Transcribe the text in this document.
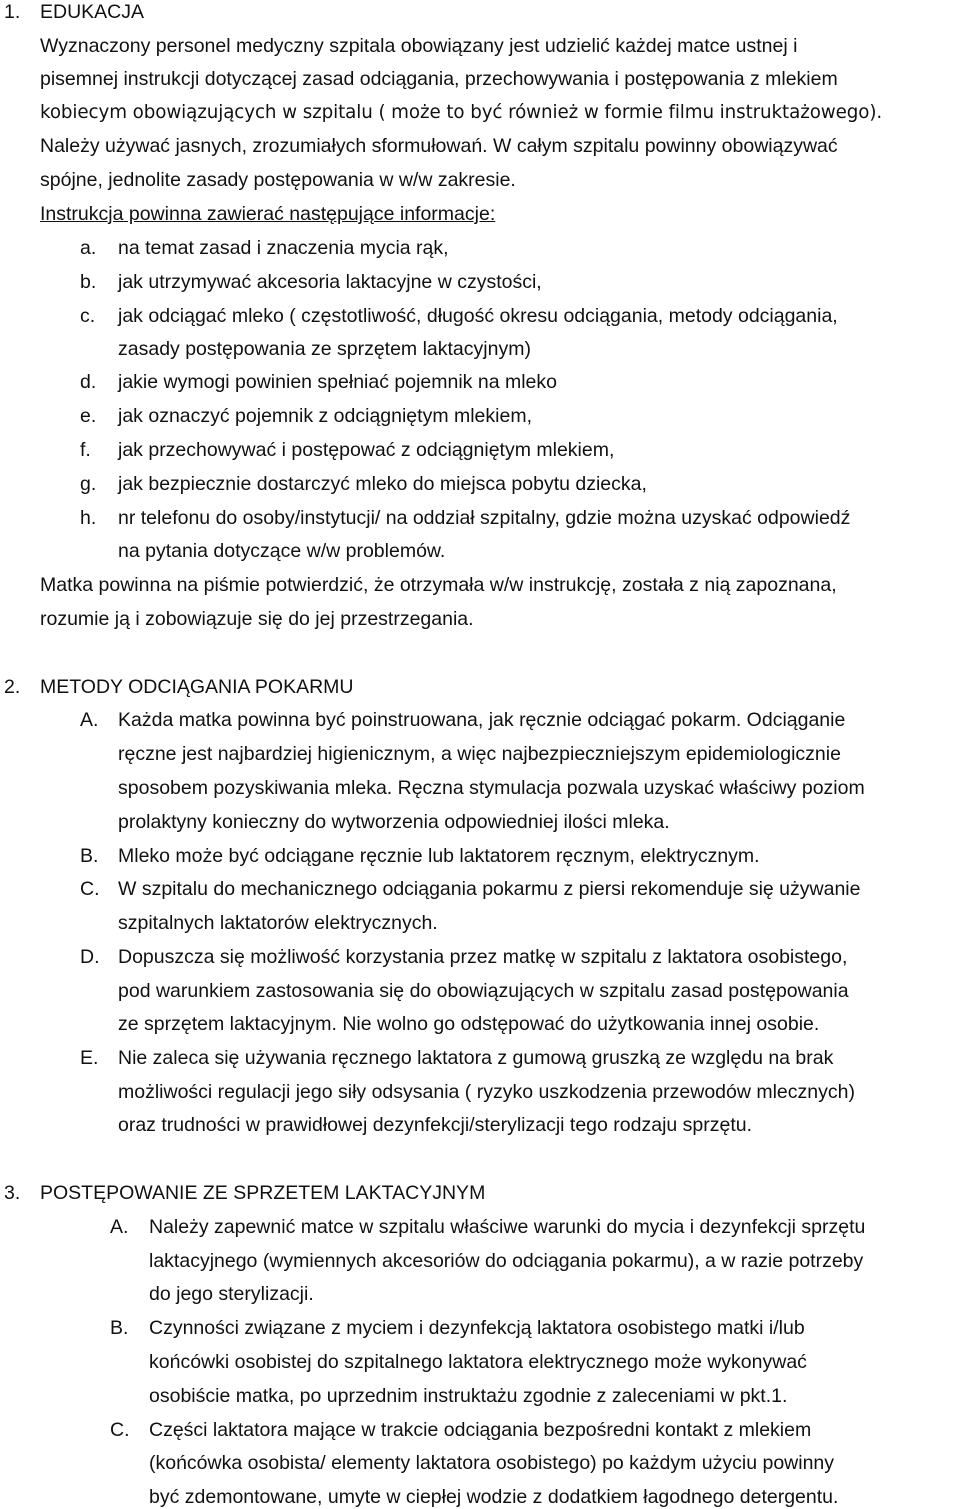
1. EDUKACJA
Wyznaczony personel medyczny szpitala obowiązany jest udzielić każdej matce ustnej i
pisemnej instrukcji dotyczącej zasad odciągania, przechowywania i postępowania z mlekiem
kobiecym obowiązujących w szpitalu ( może to być również w formie filmu instruktażowego).
Należy używać jasnych, zrozumiałych sformułowań. W całym szpitalu powinny obowiązywać
spójne, jednolite zasady postępowania w w/w zakresie.
Instrukcja powinna zawierać następujące informacje:
a. na temat zasad i znaczenia mycia rąk,
b. jak utrzymywać akcesoria laktacyjne w czystości,
c. jak odciągać mleko ( częstotliwość, długość okresu odciągania, metody odciągania,
zasady postępowania ze sprzętem laktacyjnym)
d. jakie wymogi powinien spełniać pojemnik na mleko
e. jak oznaczyć pojemnik z odciągniętym mlekiem,
f. jak przechowywać i postępować z odciągniętym mlekiem,
g. jak bezpiecznie dostarczyć mleko do miejsca pobytu dziecka,
h. nr telefonu do osoby/instytucji/ na oddział szpitalny, gdzie można uzyskać odpowiedź
na pytania dotyczące w/w problemów.
Matka powinna na piśmie potwierdzić, że otrzymała w/w instrukcję, została z nią zapoznana,
rozumie ją i zobowiązuje się do jej przestrzegania.
2. METODY ODCIĄGANIA POKARMU
A. Każda matka powinna być poinstruowana, jak ręcznie odciągać pokarm. Odciąganie
ręczne jest najbardziej higienicznym, a więc najbezpieczniejszym epidemiologicznie
sposobem pozyskiwania mleka. Ręczna stymulacja pozwala uzyskać właściwy poziom
prolaktyny konieczny do wytworzenia odpowiedniej ilości mleka.
B. Mleko może być odciągane ręcznie lub laktatorem ręcznym, elektrycznym.
C. W szpitalu do mechanicznego odciągania pokarmu z piersi rekomenduje się używanie
szpitalnych laktatorów elektrycznych.
D. Dopuszcza się możliwość korzystania przez matkę w szpitalu z laktatora osobistego,
pod warunkiem zastosowania się do obowiązujących w szpitalu zasad postępowania
ze sprzętem laktacyjnym. Nie wolno go odstępować do użytkowania innej osobie.
E. Nie zaleca się używania ręcznego laktatora z gumową gruszką ze względu na brak
możliwości regulacji jego siły odsysania ( ryzyko uszkodzenia przewodów mlecznych)
oraz trudności w prawidłowej dezynfekcji/sterylizacji tego rodzaju sprzętu.
3. POSTĘPOWANIE ZE SPRZETEM LAKTACYJNYM
A. Należy zapewnić matce w szpitalu właściwe warunki do mycia i dezynfekcji sprzętu
laktacyjnego (wymiennych akcesoriów do odciągania pokarmu), a w razie potrzeby
do jego sterylizacji.
B. Czynności związane z myciem i dezynfekcją laktatora osobistego matki i/lub
końcówki osobistej do szpitalnego laktatora elektrycznego może wykonywać
osobiście matka, po uprzednim instruktażu zgodnie z zaleceniami w pkt.1.
C. Części laktatora mające w trakcie odciągania bezpośredni kontakt z mlekiem
(końcówka osobista/ elementy laktatora osobistego) po każdym użyciu powinny
być zdemontowane, umyte w ciepłej wodzie z dodatkiem łagodnego detergentu.
